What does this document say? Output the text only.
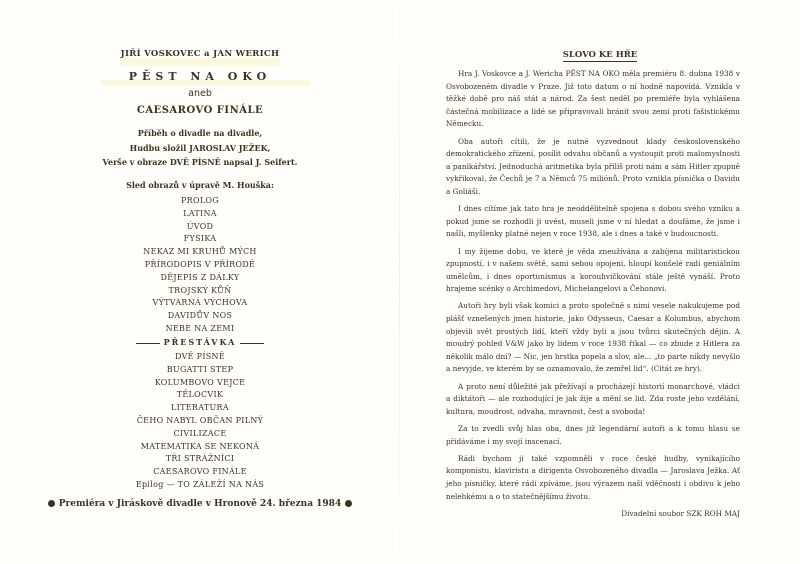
JIŘÍ VOSKOVEC a JAN WERICH
PĚST NA OKO
aneb
CAESAROVO FINÁLE
Příběh o divadle na divadle,
Hudbu složil JAROSLAV JEŽEK,
Verše v obraze DVĚ PÍSNĚ napsal J. Seifert.
Sled obrazů v úpravě M. Houška:
PROLOG
LATINA
ÚVOD
FYSIKA
NEKAZ MI KRUHŮ MÝCH
PŘÍRODOPIS V PŘÍRODĚ
DĚJEPIS Z DÁLKY
TROJSKÝ KŮŇ
VÝTVARNÁ VÝCHOVA
DAVIDŮV NOS
NEBE NA ZEMI
PŘESTÁVKA
DVĚ PÍSNĚ
BUGATTI STEP
KOLUMBOVO VEJCE
TĚLOCVIK
LITERATURA
ČEHO NABYL OBČAN PILNÝ
CIVILIZACE
MATEMATIKA SE NEKONÁ
TŘI STRÁŽNÍCI
CAESAROVO FINÁLE
Epilog — TO ZÁLEŽÍ NA NÁS
Premiéra v Jiráskově divadle v Hronově 24. března 1984
SLOVO KE HŘE

Hra J. Voskovce a J. Wericha PĚST NA OKO měla premiéru 8. dubna 1938 v Osvobozeném divadle v Praze. Již toto datum o ní hodně napovídá. Vznikla v těžké době pro náš stát a národ. Za šest neděl po premiéře byla vyhlášena částečná mobilizace a lidé se připravovali bránit svou zemi proti fašistickému Německu.

Oba autoři cítili, že je nutné vyzvednout klady československého demokratického zřízení, posílit odvahu občanů a vystoupit proti malomyslnosti a panikářství. Jednoduchá aritmetika byla příliš proti nám a sám Hitler zpupně vykřikoval, že Čechů je 7 a Němců 75 miliónů. Proto vznikla písnička o Davidu a Goliáši.

I dnes cítíme jak tato hra je neoddělitelně spojena s dobou svého vzniku a pokud jsme se rozhodli ji uvést, museli jsme v ní hledat a doufáme, že jsme i našli, myšlenky platné nejen v roce 1938, ale i dnes a také v budoucnosti.

I my žijeme dobu, ve které je věda zneužívána a zabíjena militaristickou zpupností, i v našem světě, sami sebou opojeni, hloupí konšelé radí geniálním umělcům, i dnes oportunismus a korouhvičkování stále ještě vynáší. Proto hrajeme scénky o Archimedovi, Michelangelovi a Čehonovi.

Autoři hry byli však komici a proto společně s nimi vesele nakukujeme pod plášť vznešených jmen historie, jako Odysseus, Caesar a Kolumbus, abychom objevili svět prostých lidí, kteří vždy byli a jsou tvůrci skutečných dějin. A moudrý pohled V&W jako by lidem v roce 1938 říkal — co zbude z Hitlera za několik málo dní? — Nic, jen hrstka popela a slov, ale... „to parte nikdy nevyšlo a nevyjde, ve kterém by se oznamovalo, že zemřel lid“. (Citát ze hry).

A proto není důležité jak přežívají a procházejí historií monarchové, vládci a diktátoři — ale rozhodující je jak žije a mění se lid. Zda roste jeho vzdělání, kultura, moudrost, odvaha, mravnost, čest a svoboda!

Za to zvedli svůj hlas oba, dnes již legendární autoři a k tomu hlasu se přidáváme i my svojí inscenací.

Rádi bychom ji také vzpomněli v roce české hudby, vynikajícího komponistu, klaviristu a dirigenta Osvobozeného divadla — Jaroslava Ježka. Ať jeho písničky, které rádi zpíváme, jsou výrazem naší vděčnosti i obdivu k jeho nelehkému a o to statečnějšímu životu.

Divadelní soubor SZK ROH MAJ
